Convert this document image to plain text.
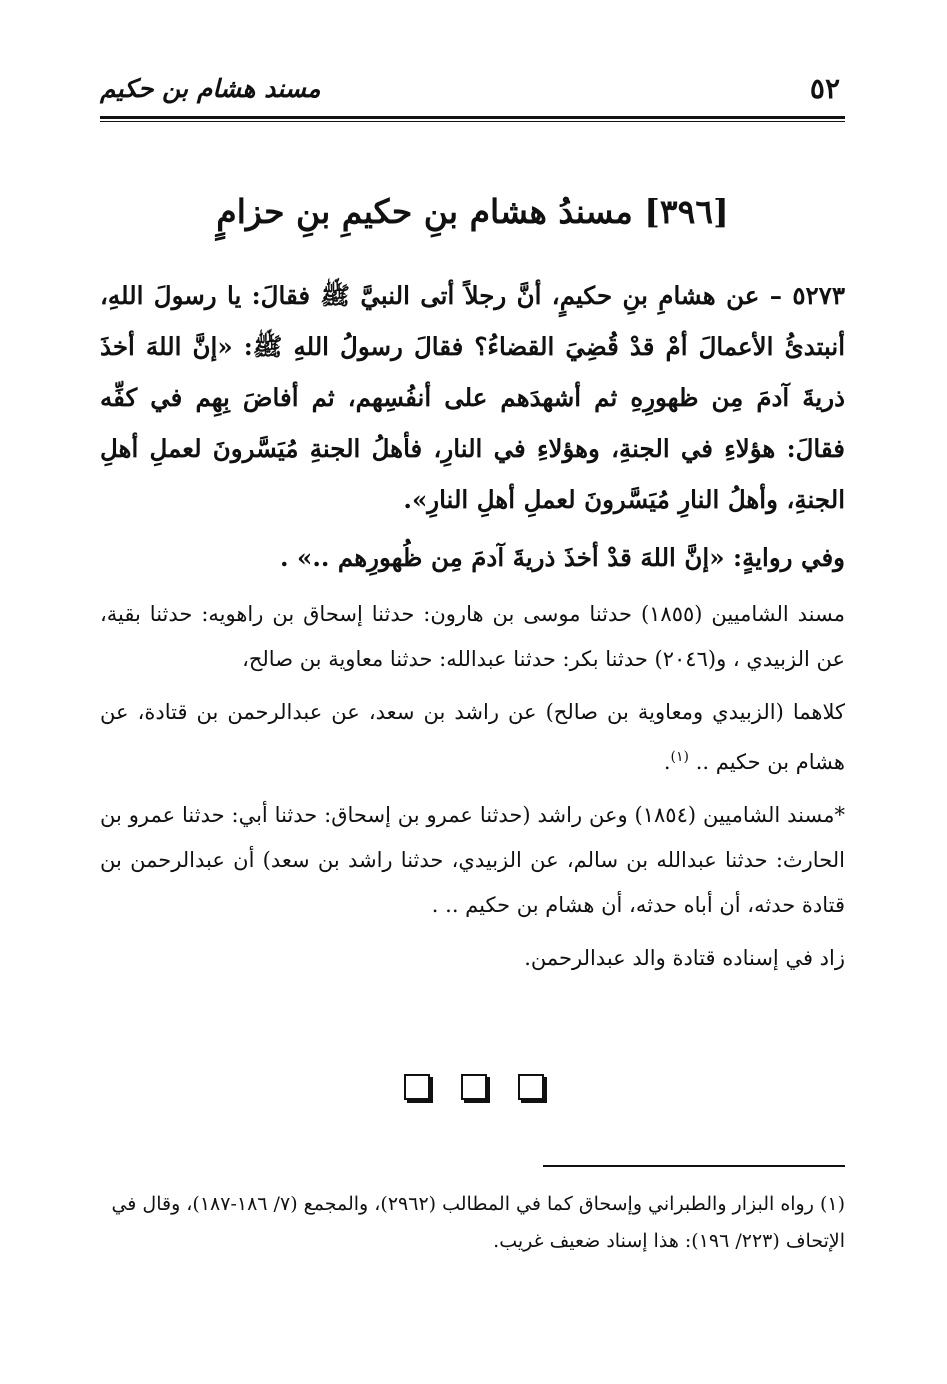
٥٢
مسند هشام بن حكيم
[٣٩٦] مسندُ هشام بنِ حكيمِ بنِ حزامٍ
٥٢٧٣ – عن هشامِ بنِ حكيمٍ، أنَّ رجلاً أتى النبيَّ ﷺ فقالَ: يا رسولَ اللهِ، أنبتدئُ الأعمالَ أمْ قدْ قُضِيَ القضاءُ؟ فقالَ رسولُ اللهِ ﷺ: «إنَّ اللهَ أخذَ ذريةَ آدمَ مِن ظهورِهِ ثم أشهدَهم على أنفُسِهم، ثم أفاضَ بِهِم في كفِّه فقالَ: هؤلاءِ في الجنةِ، وهؤلاءِ في النارِ، فأهلُ الجنةِ مُيَسَّرونَ لعملِ أهلِ الجنةِ، وأهلُ النارِ مُيَسَّرونَ لعملِ أهلِ النارِ».
وفي روايةٍ: «إنَّ اللهَ قدْ أخذَ ذريةَ آدمَ مِن ظُهورِهم ..» .

مسند الشاميين (١٨٥٥) حدثنا موسى بن هارون: حدثنا إسحاق بن راهويه: حدثنا بقية، عن الزبيدي ، و(٢٠٤٦) حدثنا بكر: حدثنا عبدالله: حدثنا معاوية بن صالح،

كلاهما (الزبيدي ومعاوية بن صالح) عن راشد بن سعد، عن عبدالرحمن بن قتادة، عن هشام بن حكيم .. $^{(١)}$.

*مسند الشاميين (١٨٥٤) وعن راشد (حدثنا عمرو بن إسحاق: حدثنا أبي: حدثنا عمرو بن الحارث: حدثنا عبدالله بن سالم، عن الزبيدي، حدثنا راشد بن سعد) أن عبدالرحمن بن قتادة حدثه، أن أباه حدثه، أن هشام بن حكيم .. .

زاد في إسناده قتادة والد عبدالرحمن.

(١) رواه البزار والطبراني وإسحاق كما في المطالب (٢٩٦٢)، والمجمع (٧/ ١٨٦-١٨٧)، وقال في الإتحاف (٢٢٣/ ١٩٦): هذا إسناد ضعيف غريب.
